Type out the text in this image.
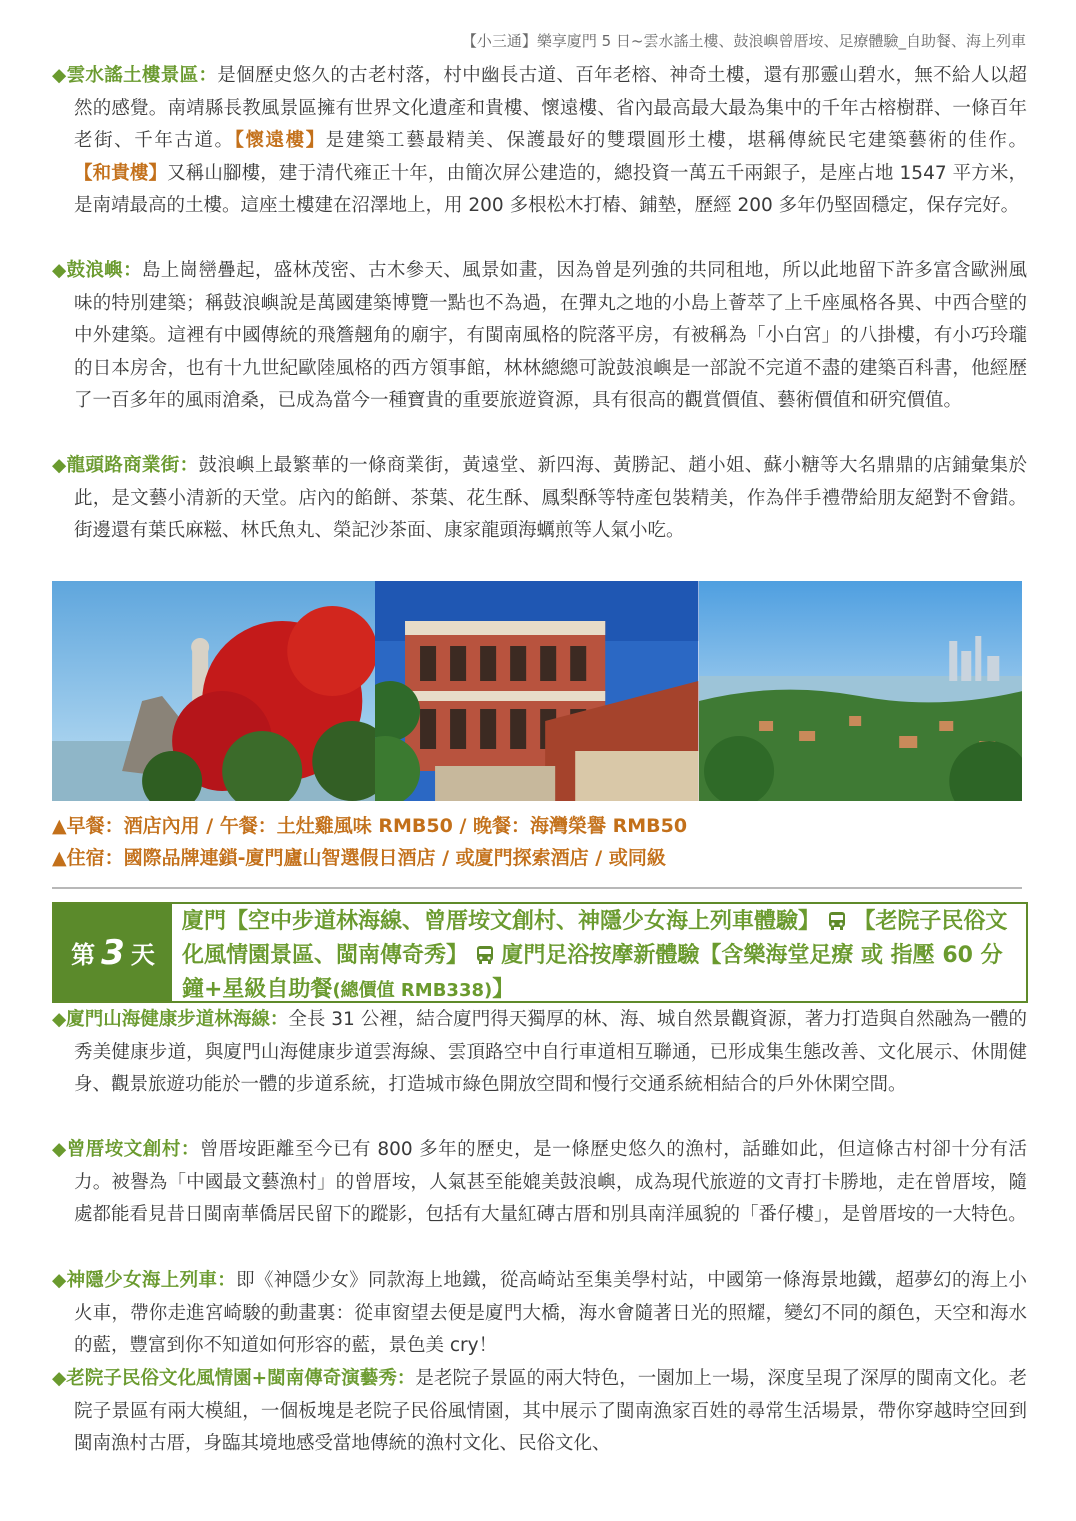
【小三通】樂享廈門 5 日~雲水謠土樓、鼓浪嶼曾厝垵、足療體驗_自助餐、海上列車

◆雲水謠土樓景區：是個歷史悠久的古老村落，村中幽長古道、百年老榕、神奇土樓，還有那靈山碧水，無不給人以超然的感覺。南靖縣長教風景區擁有世界文化遺產和貴樓、懷遠樓、省內最高最大最為集中的千年古榕樹群、一條百年老街、千年古道。【懷遠樓】是建築工藝最精美、保護最好的雙環圓形土樓，堪稱傳統民宅建築藝術的佳作。【和貴樓】又稱山腳樓，建于清代雍正十年，由簡次屏公建造的，總投資一萬五千兩銀子，是座占地 1547 平方米，是南靖最高的土樓。這座土樓建在沼澤地上，用 200 多根松木打樁、鋪墊，歷經 200 多年仍堅固穩定，保存完好。

◆鼓浪嶼：島上崗巒疊起，盛林茂密、古木參天、風景如畫，因為曾是列強的共同租地，所以此地留下許多富含歐洲風味的特別建築；稱鼓浪嶼說是萬國建築博覽一點也不為過，在彈丸之地的小島上薈萃了上千座風格各異、中西合壁的中外建築。這裡有中國傳統的飛簷翹角的廟宇，有閩南風格的院落平房，有被稱為「小白宮」的八掛樓，有小巧玲瓏的日本房舍，也有十九世紀歐陸風格的西方領事館，林林總總可說鼓浪嶼是一部說不完道不盡的建築百科書，他經歷了一百多年的風雨滄桑，已成為當今一種寶貴的重要旅遊資源，具有很高的觀賞價值、藝術價值和研究價值。

◆龍頭路商業街：鼓浪嶼上最繁華的一條商業街，黃遠堂、新四海、黃勝記、趙小姐、蘇小糖等大名鼎鼎的店鋪彙集於此，是文藝小清新的天堂。店內的餡餅、茶葉、花生酥、鳳梨酥等特產包裝精美，作為伴手禮帶給朋友絕對不會錯。街邊還有葉氏麻糍、林氏魚丸、榮記沙茶面、康家龍頭海蠣煎等人氣小吃。

▲早餐：酒店內用 / 午餐：土灶雞風味 RMB50 / 晚餐：海灣榮譽 RMB50
▲住宿：國際品牌連鎖-廈門廬山智選假日酒店 / 或廈門探索酒店 / 或同級
第 3 天
廈門【空中步道林海線、曾厝垵文創村、神隱少女海上列車體驗】 【老院子民俗文化風情園景區、閩南傳奇秀】 廈門足浴按摩新體驗【含樂海堂足療 或 指壓 60 分鐘+星級自助餐(總價值 RMB338)】

◆廈門山海健康步道林海線：全長 31 公裡，結合廈門得天獨厚的林、海、城自然景觀資源，著力打造與自然融為一體的秀美健康步道，與廈門山海健康步道雲海線、雲頂路空中自行車道相互聯通，已形成集生態改善、文化展示、休閒健身、觀景旅遊功能於一體的步道系統，打造城市綠色開放空間和慢行交通系統相結合的戶外休閑空間。

◆曾厝垵文創村：曾厝垵距離至今已有 800 多年的歷史，是一條歷史悠久的漁村，話雖如此，但這條古村卻十分有活力。被譽為「中國最文藝漁村」的曾厝垵，人氣甚至能媲美鼓浪嶼，成為現代旅遊的文青打卡勝地，走在曾厝垵，隨處都能看見昔日閩南華僑居民留下的蹤影，包括有大量紅磚古厝和別具南洋風貌的「番仔樓」，是曾厝垵的一大特色。

◆神隱少女海上列車：即《神隱少女》同款海上地鐵，從高崎站至集美學村站，中國第一條海景地鐵，超夢幻的海上小火車，帶你走進宮崎駿的動畫裏：從車窗望去便是廈門大橋，海水會隨著日光的照耀，變幻不同的顏色，天空和海水的藍，豐富到你不知道如何形容的藍，景色美 cry！

◆老院子民俗文化風情園+閩南傳奇演藝秀：是老院子景區的兩大特色，一園加上一場，深度呈現了深厚的閩南文化。老院子景區有兩大模組，一個板塊是老院子民俗風情園，其中展示了閩南漁家百姓的尋常生活場景，帶你穿越時空回到閩南漁村古厝，身臨其境地感受當地傳統的漁村文化、民俗文化、
